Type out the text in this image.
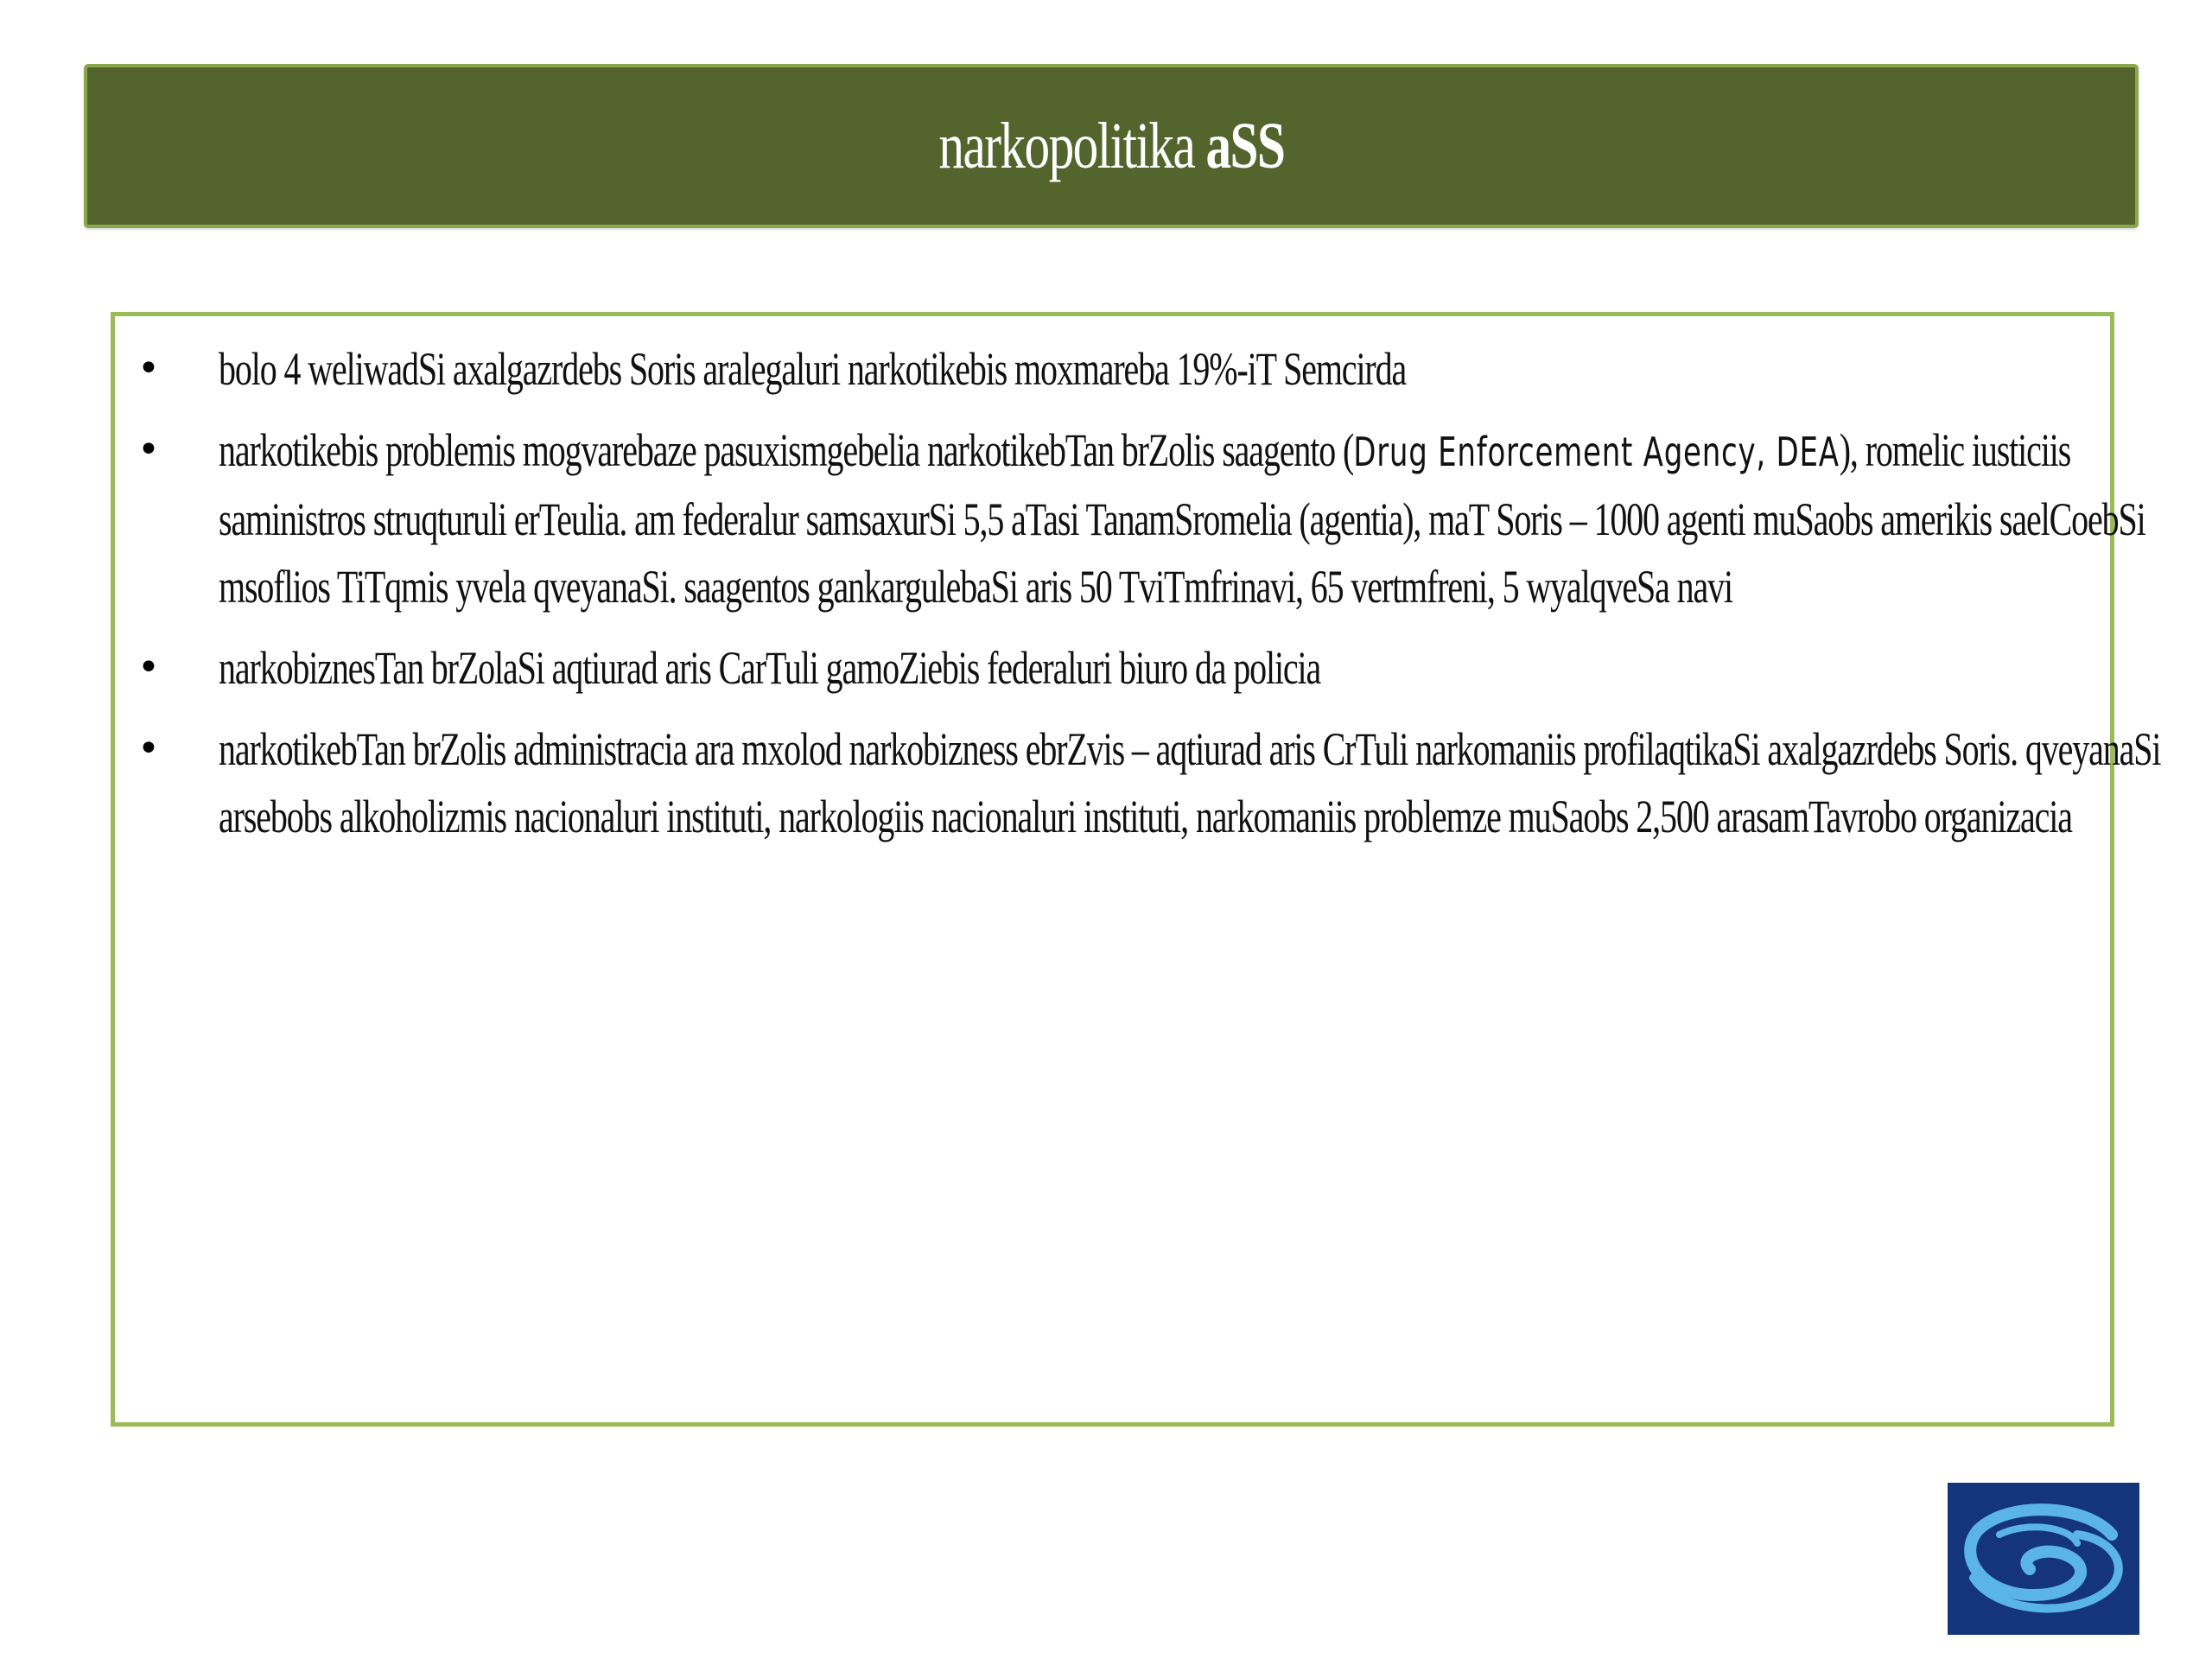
narkopolitika aSS
• bolo 4 weliwadSi axalgazrdebs Soris aralegaluri narkotikebis moxmareba 19%-iT Semcirda
• narkotikebis problemis mogvarebaze pasuxismgebelia narkotikebTan brZolis saagento (Drug Enforcement Agency, DEA), romelic iusticiis saministros struqturuli erTeulia. am federalur samsaxurSi 5,5 aTasi TanamSromelia (agentia), maT Soris – 1000 agenti muSaobs amerikis saelCoebSi msoflios TiTqmis yvela qveyanaSi. saagentos gankargulebaSi aris 50 TviTmfrinavi, 65 vertmfreni, 5 wyalqveSa navi
• narkobiznesTan brZolaSi aqtiurad aris CarTuli gamoZiebis federaluri biuro da policia
• narkotikebTan brZolis administracia ara mxolod narkobizness ebrZvis – aqtiurad aris CrTuli narkomaniis profilaqtikaSi axalgazrdebs Soris. qveyanaSi arsebobs alkoholizmis nacionaluri instituti, narkologiis nacionaluri instituti, narkomaniis problemze muSaobs 2,500 arasamTavrobo organizacia
